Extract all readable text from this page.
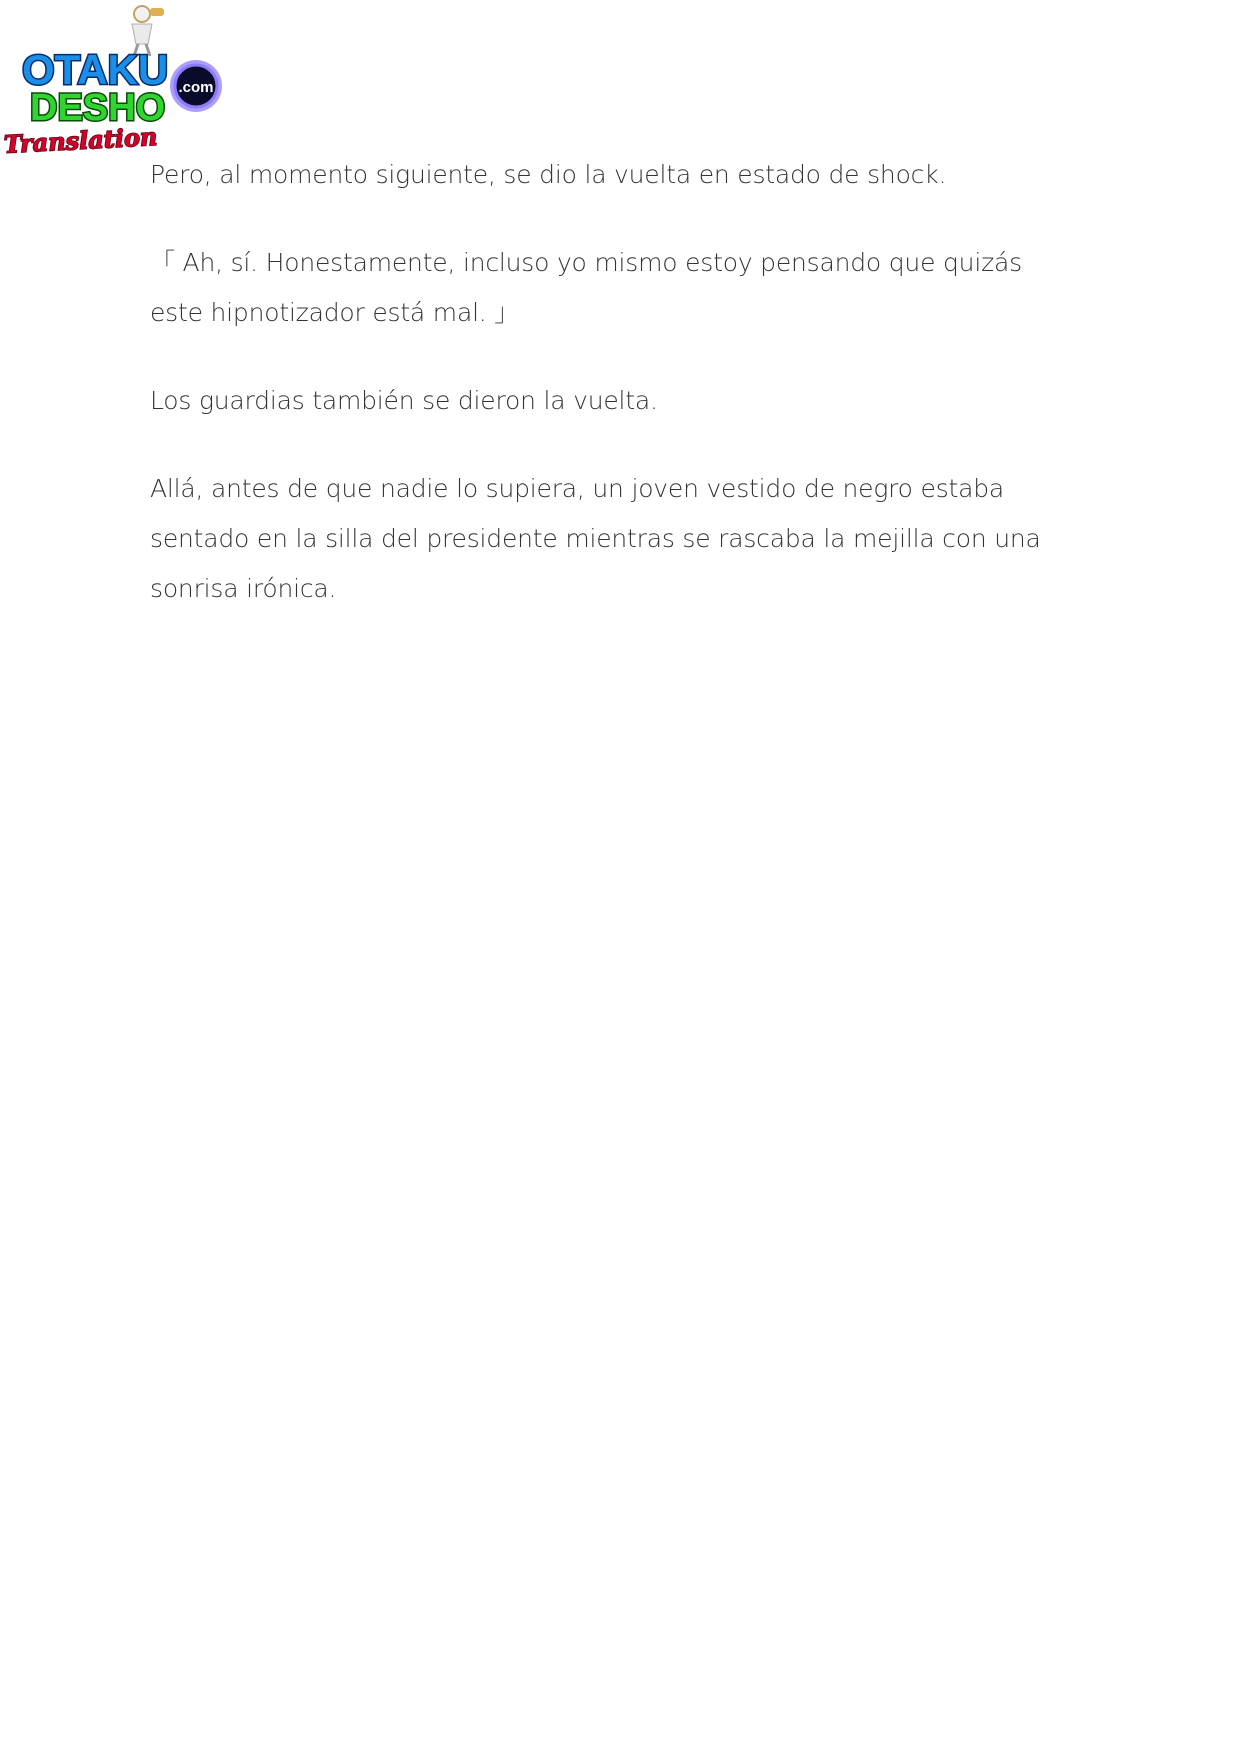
.com
OTAKU
DESHO
Translation

Pero, al momento siguiente, se dio la vuelta en estado de shock.

「 Ah, sí. Honestamente, incluso yo mismo estoy pensando que quizás este hipnotizador está mal. 」

Los guardias también se dieron la vuelta.

Allá, antes de que nadie lo supiera, un joven vestido de negro estaba sentado en la silla del presidente mientras se rascaba la mejilla con una sonrisa irónica.
